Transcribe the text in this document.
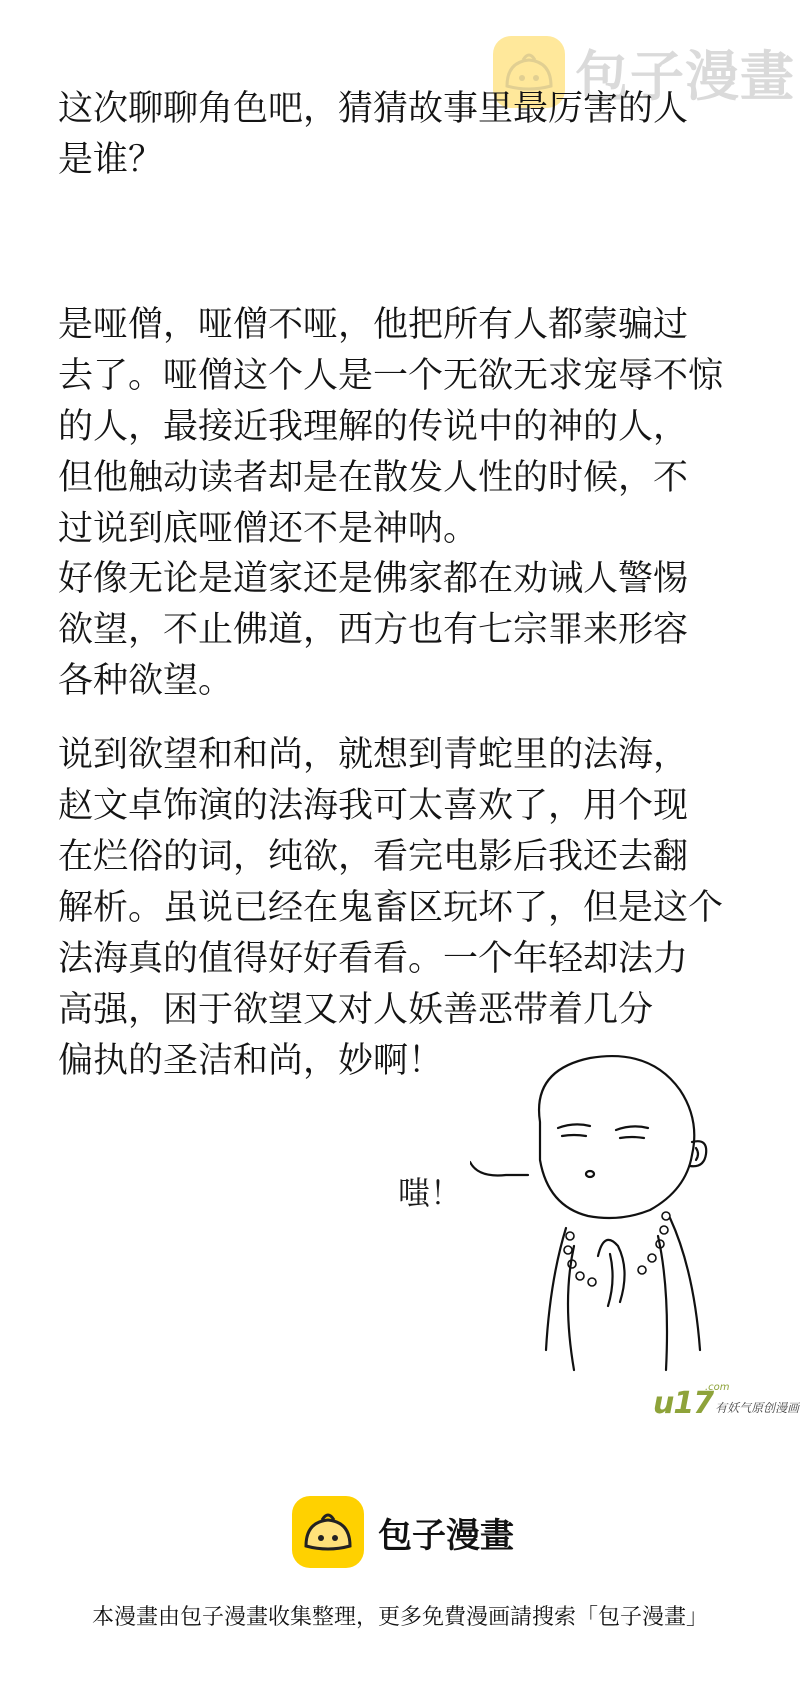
包子漫畫

这次聊聊角色吧，猜猜故事里最厉害的人
是谁？

是哑僧，哑僧不哑，他把所有人都蒙骗过
去了。哑僧这个人是一个无欲无求宠辱不惊
的人，最接近我理解的传说中的神的人，
但他触动读者却是在散发人性的时候，不
过说到底哑僧还不是神呐。

好像无论是道家还是佛家都在劝诫人警惕
欲望，不止佛道，西方也有七宗罪来形容
各种欲望。

说到欲望和和尚，就想到青蛇里的法海，
赵文卓饰演的法海我可太喜欢了，用个现
在烂俗的词，纯欲，看完电影后我还去翻
解析。虽说已经在鬼畜区玩坏了，但是这个
法海真的值得好好看看。一个年轻却法力
高强，困于欲望又对人妖善恶带着几分
偏执的圣洁和尚，妙啊！

嗤！
u17
.com
有妖气原创漫画
包子漫畫
本漫畫由包子漫畫收集整理，更多免費漫画請搜索「包子漫畫」
